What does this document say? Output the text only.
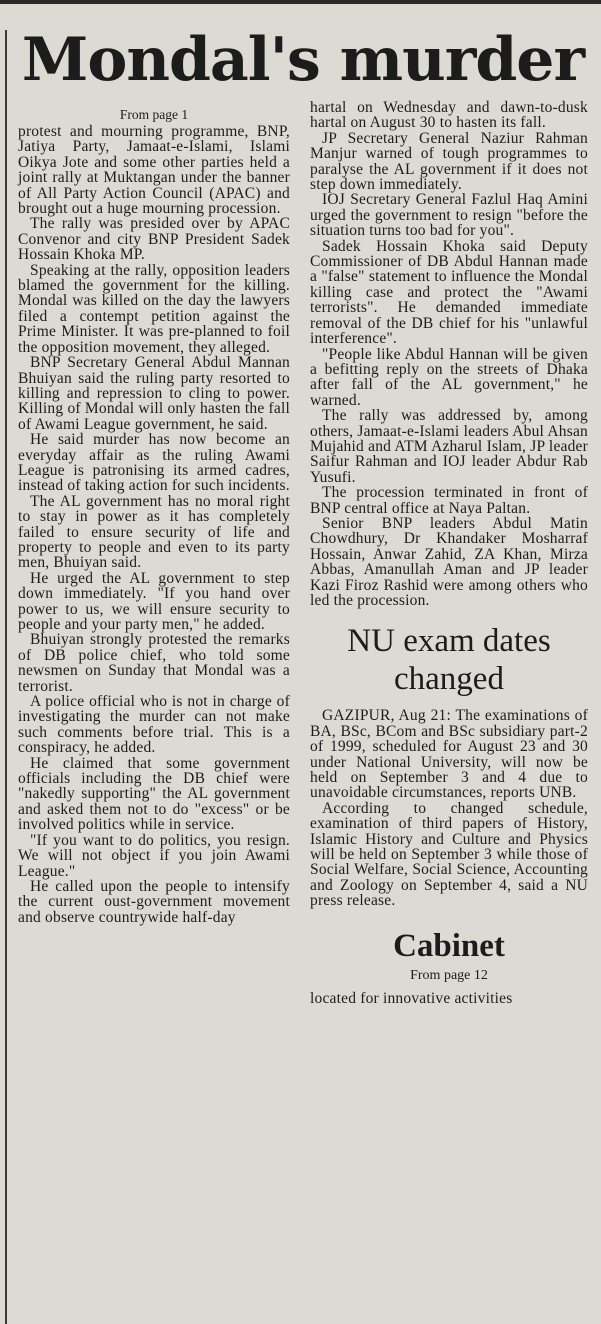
Mondal's murder
From page 1

protest and mourning programme, BNP, Jatiya Party, Jamaat-e-Islami, Islami Oikya Jote and some other parties held a joint rally at Muktangan under the banner of All Party Action Council (APAC) and brought out a huge mourning procession.

The rally was presided over by APAC Convenor and city BNP President Sadek Hossain Khoka MP.

Speaking at the rally, opposition leaders blamed the government for the killing. Mondal was killed on the day the lawyers filed a contempt petition against the Prime Minister. It was pre-planned to foil the opposition movement, they alleged.

BNP Secretary General Abdul Mannan Bhuiyan said the ruling party resorted to killing and repression to cling to power. Killing of Mondal will only hasten the fall of Awami League government, he said.

He said murder has now become an everyday affair as the ruling Awami League is patronising its armed cadres, instead of taking action for such incidents.

The AL government has no moral right to stay in power as it has completely failed to ensure security of life and property to people and even to its party men, Bhuiyan said.

He urged the AL government to step down immediately. "If you hand over power to us, we will ensure security to people and your party men," he added.

Bhuiyan strongly protested the remarks of DB police chief, who told some newsmen on Sunday that Mondal was a terrorist.

A police official who is not in charge of investigating the murder can not make such comments before trial. This is a conspiracy, he added.

He claimed that some government officials including the DB chief were "nakedly supporting" the AL government and asked them not to do "excess" or be involved politics while in service.

"If you want to do politics, you resign. We will not object if you join Awami League."

He called upon the people to intensify the current oust-government movement and observe countrywide half-day

hartal on Wednesday and dawn-to-dusk hartal on August 30 to hasten its fall.

JP Secretary General Naziur Rahman Manjur warned of tough programmes to paralyse the AL government if it does not step down immediately.

IOJ Secretary General Fazlul Haq Amini urged the government to resign "before the situation turns too bad for you".

Sadek Hossain Khoka said Deputy Commissioner of DB Abdul Hannan made a "false" statement to influence the Mondal killing case and protect the "Awami terrorists". He demanded immediate removal of the DB chief for his "unlawful interference".

"People like Abdul Hannan will be given a befitting reply on the streets of Dhaka after fall of the AL government," he warned.

The rally was addressed by, among others, Jamaat-e-Islami leaders Abul Ahsan Mujahid and ATM Azharul Islam, JP leader Saifur Rahman and IOJ leader Abdur Rab Yusufi.

The procession terminated in front of BNP central office at Naya Paltan.

Senior BNP leaders Abdul Matin Chowdhury, Dr Khandaker Mosharraf Hossain, Anwar Zahid, ZA Khan, Mirza Abbas, Amanullah Aman and JP leader Kazi Firoz Rashid were among others who led the procession.

NU exam dates changed

GAZIPUR, Aug 21: The examinations of BA, BSc, BCom and BSc subsidiary part-2 of 1999, scheduled for August 23 and 30 under National University, will now be held on September 3 and 4 due to unavoidable circumstances, reports UNB.

According to changed schedule, examination of third papers of History, Islamic History and Culture and Physics will be held on September 3 while those of Social Welfare, Social Science, Accounting and Zoology on September 4, said a NU press release.

Cabinet
From page 12

located for innovative activities
